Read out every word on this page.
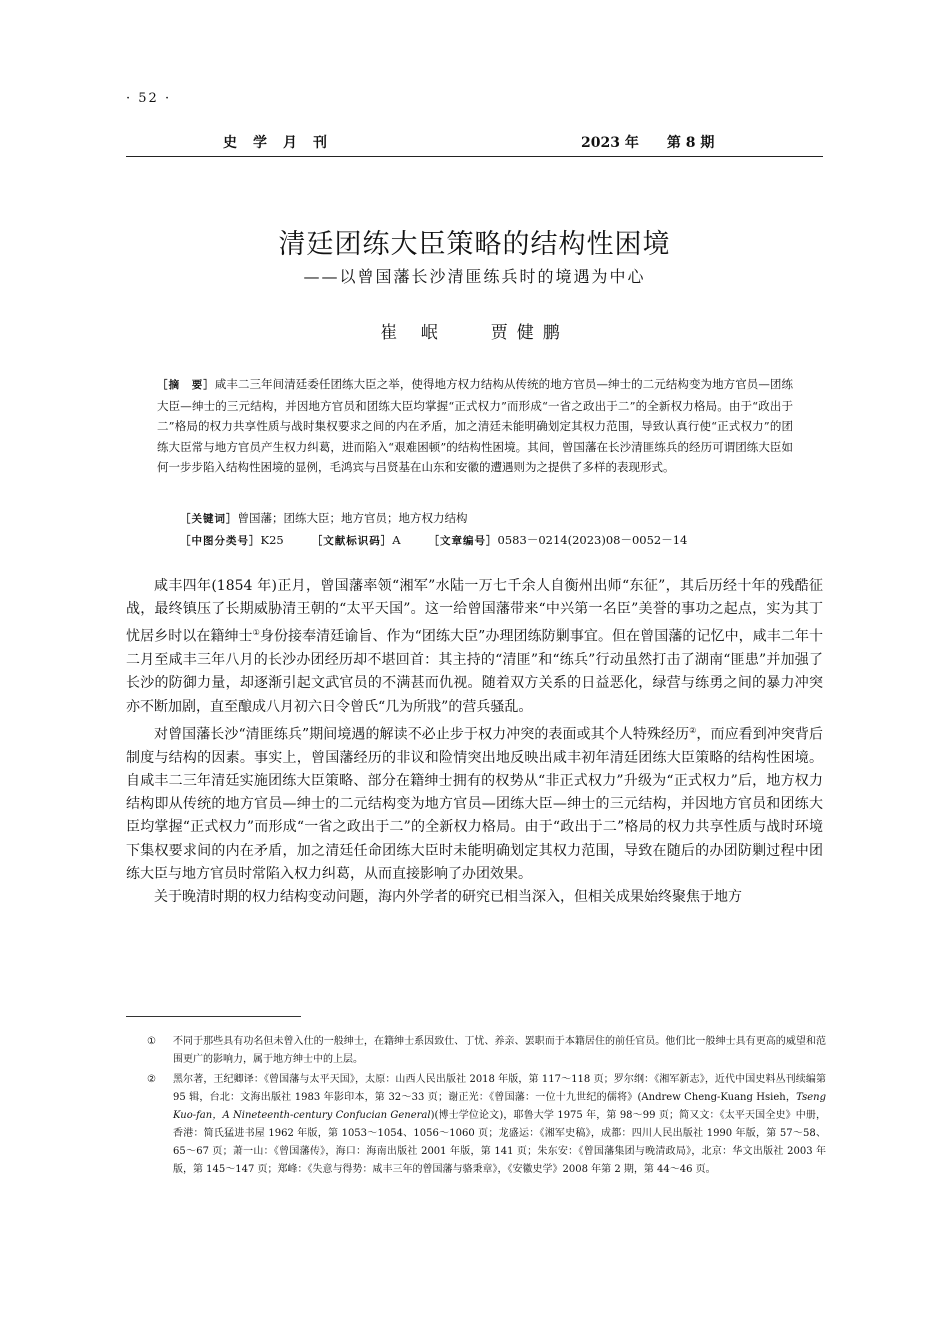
· 52 ·
史学月刊	2023 年 第 8 期
清廷团练大臣策略的结构性困境
——以曾国藩长沙清匪练兵时的境遇为中心
崔 岷	贾健鹏
［摘　要］咸丰二三年间清廷委任团练大臣之举，使得地方权力结构从传统的地方官员—绅士的二元结构变为地方官员—团练大臣—绅士的三元结构，并因地方官员和团练大臣均掌握“正式权力”而形成“一省之政出于二”的全新权力格局。由于“政出于二”格局的权力共享性质与战时集权要求之间的内在矛盾，加之清廷未能明确划定其权力范围，导致认真行使“正式权力”的团练大臣常与地方官员产生权力纠葛，进而陷入“艰难困顿”的结构性困境。其间，曾国藩在长沙清匪练兵的经历可谓团练大臣如何一步步陷入结构性困境的显例，毛鸿宾与吕贤基在山东和安徽的遭遇则为之提供了多样的表现形式。
［关键词］曾国藩；团练大臣；地方官员；地方权力结构
［中图分类号］K25	［文献标识码］A	［文章编号］0583－0214(2023)08－0052－14

咸丰四年(1854 年)正月，曾国藩率领“湘军”水陆一万七千余人自衡州出师“东征”，其后历经十年的残酷征战，最终镇压了长期威胁清王朝的“太平天国”。这一给曾国藩带来“中兴第一名臣”美誉的事功之起点，实为其丁忧居乡时以在籍绅士①身份接奉清廷谕旨、作为“团练大臣”办理团练防剿事宜。但在曾国藩的记忆中，咸丰二年十二月至咸丰三年八月的长沙办团经历却不堪回首：其主持的“清匪”和“练兵”行动虽然打击了湖南“匪患”并加强了长沙的防御力量，却逐渐引起文武官员的不满甚而仇视。随着双方关系的日益恶化，绿营与练勇之间的暴力冲突亦不断加剧，直至酿成八月初六日令曾氏“几为所戕”的营兵骚乱。

对曾国藩长沙“清匪练兵”期间境遇的解读不必止步于权力冲突的表面或其个人特殊经历②，而应看到冲突背后制度与结构的因素。事实上，曾国藩经历的非议和险情突出地反映出咸丰初年清廷团练大臣策略的结构性困境。自咸丰二三年清廷实施团练大臣策略、部分在籍绅士拥有的权势从“非正式权力”升级为“正式权力”后，地方权力结构即从传统的地方官员—绅士的二元结构变为地方官员—团练大臣—绅士的三元结构，并因地方官员和团练大臣均掌握“正式权力”而形成“一省之政出于二”的全新权力格局。由于“政出于二”格局的权力共享性质与战时环境下集权要求间的内在矛盾，加之清廷任命团练大臣时未能明确划定其权力范围，导致在随后的办团防剿过程中团练大臣与地方官员时常陷入权力纠葛，从而直接影响了办团效果。

关于晚清时期的权力结构变动问题，海内外学者的研究已相当深入，但相关成果始终聚焦于地方

① 不同于那些具有功名但未曾入仕的一般绅士，在籍绅士系因致仕、丁忧、养亲、罢职而于本籍居住的前任官员。他们比一般绅士具有更高的威望和范围更广的影响力，属于地方绅士中的上层。
② 黑尔著，王纪卿译：《曾国藩与太平天国》，太原：山西人民出版社 2018 年版，第 117～118 页；罗尔纲：《湘军新志》，近代中国史料丛刊续编第 95 辑，台北：文海出版社 1983 年影印本，第 32～33 页；谢正光：《曾国藩：一位十九世纪的儒将》(Andrew Cheng-Kuang Hsieh，Tseng Kuo-fan，A Nineteenth-century Confucian General)(博士学位论文)，耶鲁大学 1975 年，第 98～99 页；简又文：《太平天国全史》中册，香港：简氏猛进书屋 1962 年版，第 1053～1054、1056～1060 页；龙盛运：《湘军史稿》，成都：四川人民出版社 1990 年版，第 57～58、65～67 页；萧一山：《曾国藩传》，海口：海南出版社 2001 年版，第 141 页；朱东安：《曾国藩集团与晚清政局》，北京：华文出版社 2003 年版，第 145～147 页；郑峰：《失意与得势：咸丰三年的曾国藩与骆秉章》，《安徽史学》2008 年第 2 期，第 44～46 页。
